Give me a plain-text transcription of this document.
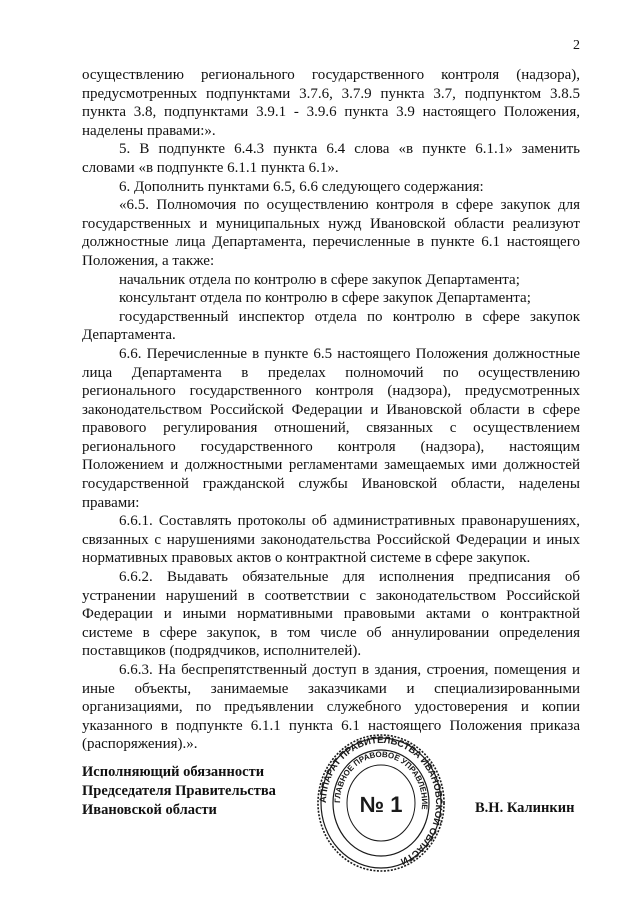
2

осуществлению регионального государственного контроля (надзора), предусмотренных подпунктами 3.7.6, 3.7.9 пункта 3.7, подпунктом 3.8.5 пункта 3.8, подпунктами 3.9.1 - 3.9.6 пункта 3.9 настоящего Положения, наделены правами:».

5. В подпункте 6.4.3 пункта 6.4 слова «в пункте 6.1.1» заменить словами «в подпункте 6.1.1 пункта 6.1».

6. Дополнить пунктами 6.5, 6.6 следующего содержания:

«6.5. Полномочия по осуществлению контроля в сфере закупок для государственных и муниципальных нужд Ивановской области реализуют должностные лица Департамента, перечисленные в пункте 6.1 настоящего Положения, а также:

начальник отдела по контролю в сфере закупок Департамента;

консультант отдела по контролю в сфере закупок Департамента;

государственный инспектор отдела по контролю в сфере закупок Департамента.

6.6. Перечисленные в пункте 6.5 настоящего Положения должностные лица Департамента в пределах полномочий по осуществлению регионального государственного контроля (надзора), предусмотренных законодательством Российской Федерации и Ивановской области в сфере правового регулирования отношений, связанных с осуществлением регионального государственного контроля (надзора), настоящим Положением и должностными регламентами замещаемых ими должностей государственной гражданской службы Ивановской области, наделены правами:

6.6.1. Составлять протоколы об административных правонарушениях, связанных с нарушениями законодательства Российской Федерации и иных нормативных правовых актов о контрактной системе в сфере закупок.

6.6.2. Выдавать обязательные для исполнения предписания об устранении нарушений в соответствии с законодательством Российской Федерации и иными нормативными правовыми актами о контрактной системе в сфере закупок, в том числе об аннулировании определения поставщиков (подрядчиков, исполнителей).

6.6.3. На беспрепятственный доступ в здания, строения, помещения и иные объекты, занимаемые заказчиками и специализированными организациями, по предъявлении служебного удостоверения и копии указанного в подпункте 6.1.1 пункта 6.1 настоящего Положения приказа (распоряжения).».

Исполняющий обязанности
Председателя Правительства
Ивановской области
АППАРАТ ПРАВИТЕЛЬСТВА ИВАНОВСКОЙ ОБЛАСТИ
ГЛАВНОЕ ПРАВОВОЕ УПРАВЛЕНИЕ
№ 1	В.Н. Калинкин
